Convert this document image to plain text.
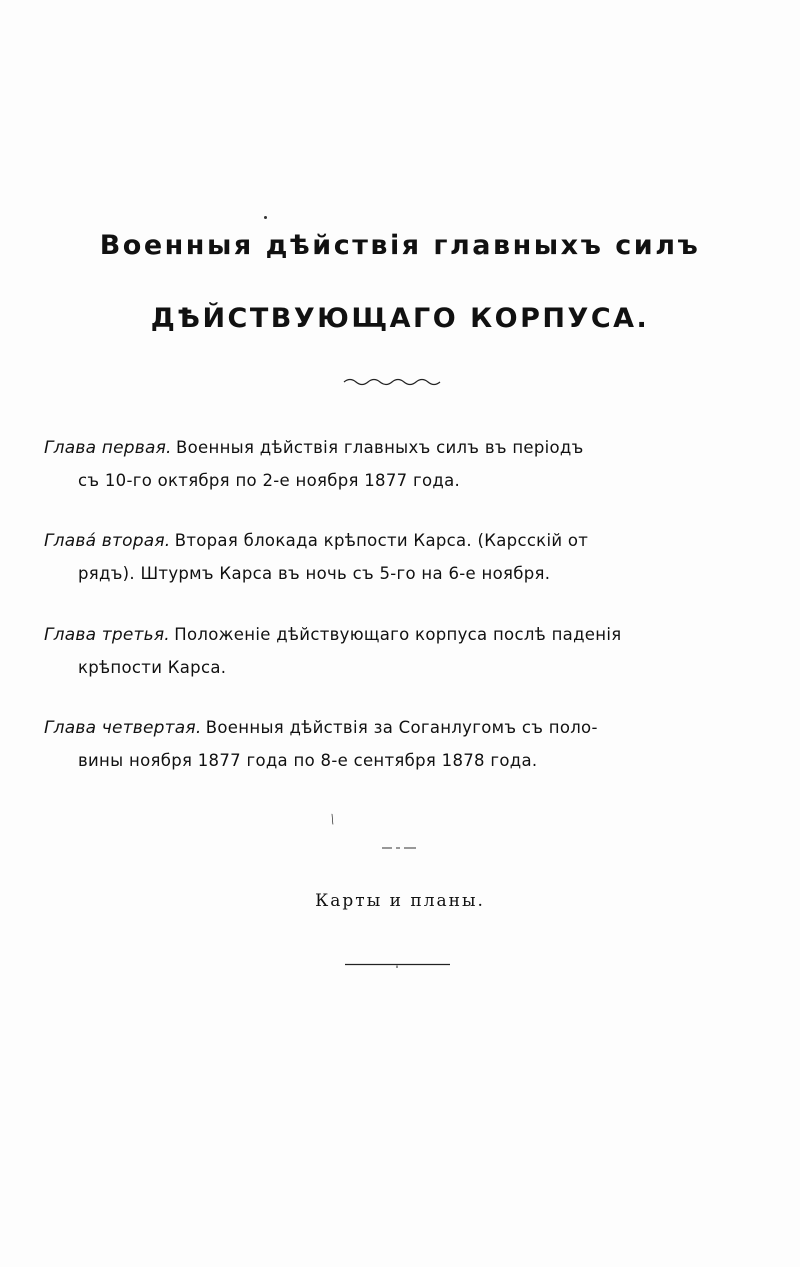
Военныя дѣйствія главныхъ силъ
ДѢЙСТВУЮЩАГО КОРПУСА.
Глава первая. Военныя дѣйствія главныхъ силъ въ періодъ
съ 10-го октября по 2-е ноября 1877 года.
Глава́ вторая. Вторая блокада крѣпости Карса. (Карсскій от
рядъ). Штурмъ Карса въ ночь съ 5-го на 6-е ноября.
Глава третья. Положеніе дѣйствующаго корпуса послѣ паденія
крѣпости Карса.
Глава четвертая. Военныя дѣйствія за Соганлугомъ съ поло-
вины ноября 1877 года по 8-е сентября 1878 года.
\
Карты и планы.
